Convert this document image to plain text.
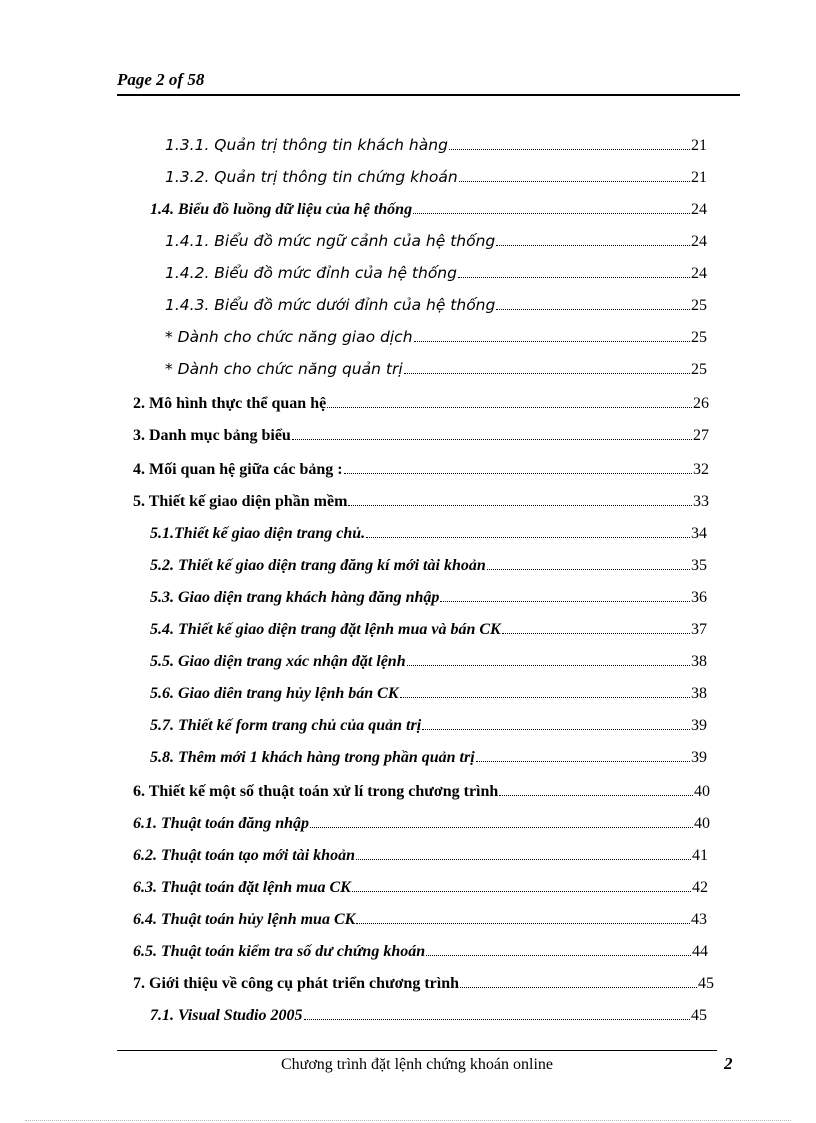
Page 2 of 58
1.3.1. Quản trị thông tin khách hàng	21
1.3.2. Quản trị thông tin chứng khoán	21
1.4. Biểu đồ luồng dữ liệu của hệ thống	24
1.4.1. Biểu đồ mức ngữ cảnh của hệ thống	24
1.4.2. Biểu đồ mức đỉnh của hệ thống	24
1.4.3. Biểu đồ mức dưới đỉnh của hệ thống	25
* Dành cho chức năng giao dịch	25
* Dành cho chức năng quản trị	25
2. Mô hình thực thể quan hệ	26
3. Danh mục bảng biểu	27
4. Mối quan hệ giữa các bảng :	32
5. Thiết kế giao diện phần mềm	33
5.1.Thiết kế giao diện trang chủ.	34
5.2. Thiết kế giao diện trang đăng kí mới tài khoản	35
5.3. Giao diện trang khách hàng đăng nhập	36
5.4. Thiết kế giao diện trang đặt lệnh mua và bán CK	37
5.5. Giao diện trang xác nhận đặt lệnh	38
5.6. Giao diên trang hủy lệnh bán CK	38
5.7. Thiết kế form trang chủ của quản trị	39
5.8. Thêm mới 1 khách hàng trong phần quản trị	39
6. Thiết kế một số thuật toán xử lí trong chương trình	40
6.1. Thuật toán đăng nhập	40
6.2. Thuật toán tạo mới tài khoản	41
6.3. Thuật toán đặt lệnh mua CK	42
6.4. Thuật toán hủy lệnh mua CK	43
6.5. Thuật toán kiểm tra số dư chứng khoán	44
7. Giới thiệu về công cụ phát triển chương trình	45
7.1. Visual Studio 2005	45
Chương trình đặt lệnh chứng khoán online	2
